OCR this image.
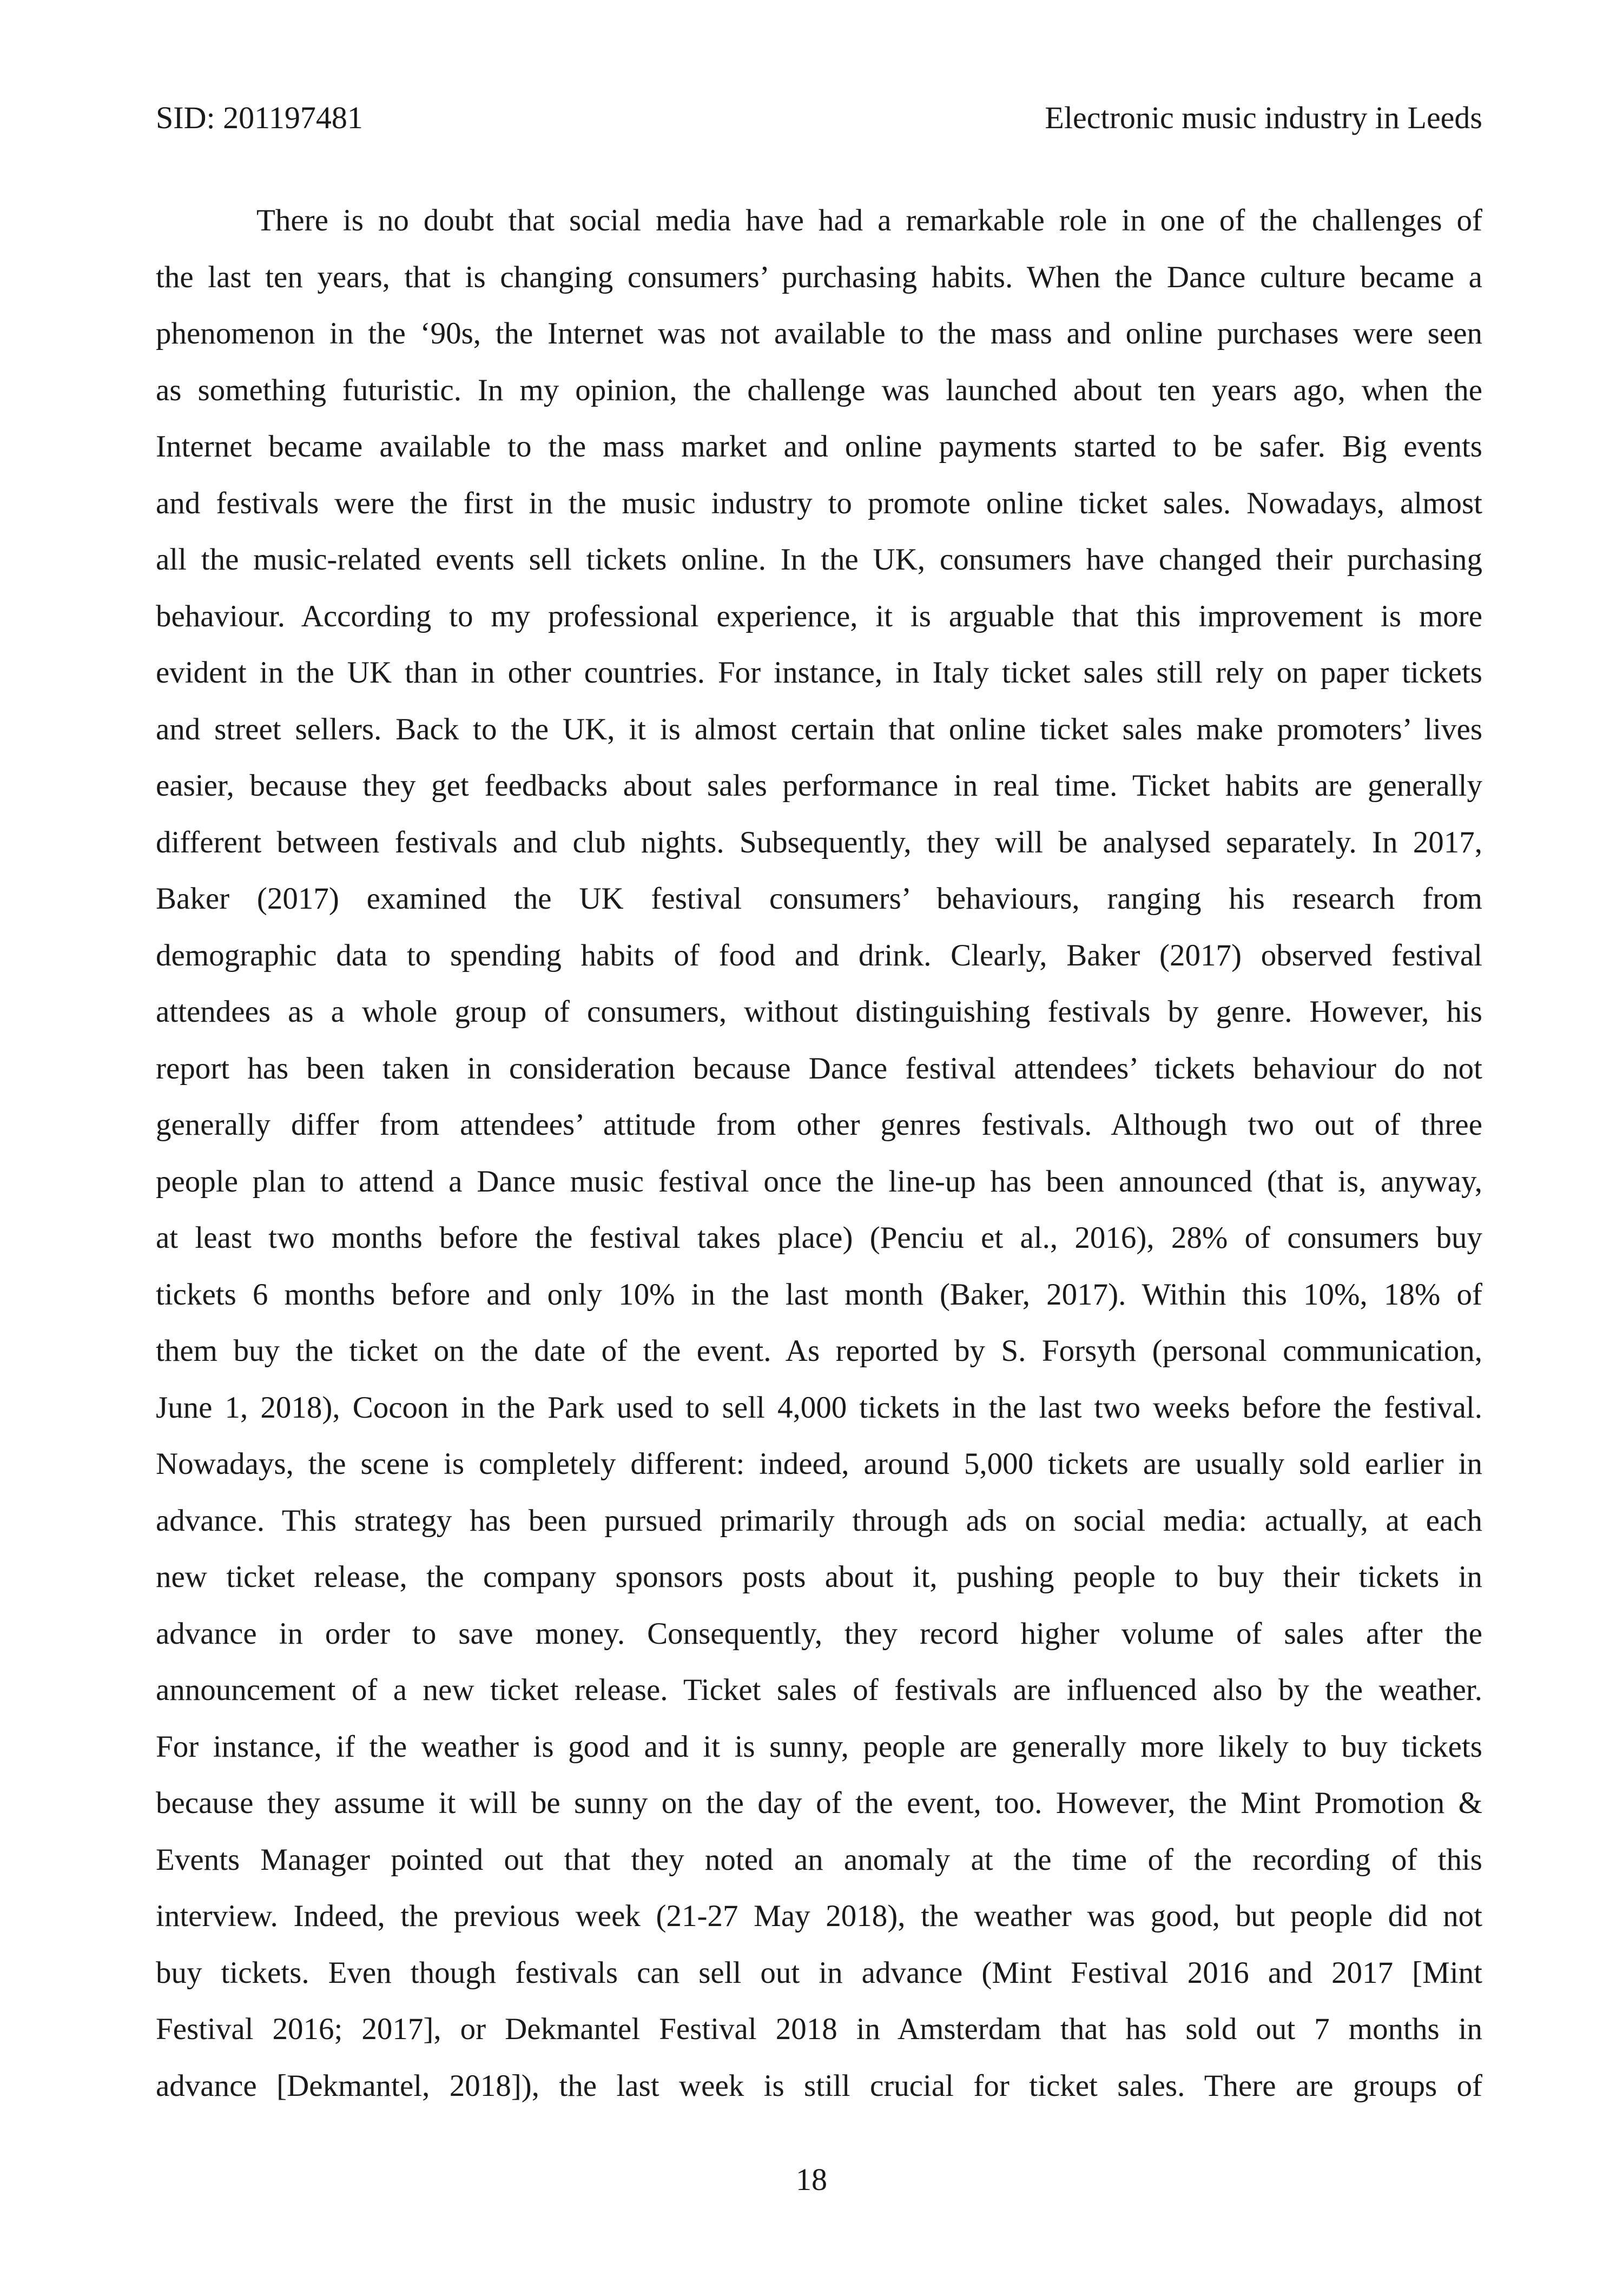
SID: 201197481	Electronic music industry in Leeds
There is no doubt that social media have had a remarkable role in one of the challenges of
the last ten years, that is changing consumers’ purchasing habits. When the Dance culture became a
phenomenon in the ‘90s, the Internet was not available to the mass and online purchases were seen
as something futuristic. In my opinion, the challenge was launched about ten years ago, when the
Internet became available to the mass market and online payments started to be safer. Big events
and festivals were the first in the music industry to promote online ticket sales. Nowadays, almost
all the music-related events sell tickets online. In the UK, consumers have changed their purchasing
behaviour. According to my professional experience, it is arguable that this improvement is more
evident in the UK than in other countries. For instance, in Italy ticket sales still rely on paper tickets
and street sellers. Back to the UK, it is almost certain that online ticket sales make promoters’ lives
easier, because they get feedbacks about sales performance in real time. Ticket habits are generally
different between festivals and club nights. Subsequently, they will be analysed separately. In 2017,
Baker (2017) examined the UK festival consumers’ behaviours, ranging his research from
demographic data to spending habits of food and drink. Clearly, Baker (2017) observed festival
attendees as a whole group of consumers, without distinguishing festivals by genre. However, his
report has been taken in consideration because Dance festival attendees’ tickets behaviour do not
generally differ from attendees’ attitude from other genres festivals. Although two out of three
people plan to attend a Dance music festival once the line-up has been announced (that is, anyway,
at least two months before the festival takes place) (Penciu et al., 2016), 28% of consumers buy
tickets 6 months before and only 10% in the last month (Baker, 2017). Within this 10%, 18% of
them buy the ticket on the date of the event. As reported by S. Forsyth (personal communication,
June 1, 2018), Cocoon in the Park used to sell 4,000 tickets in the last two weeks before the festival.
Nowadays, the scene is completely different: indeed, around 5,000 tickets are usually sold earlier in
advance. This strategy has been pursued primarily through ads on social media: actually, at each
new ticket release, the company sponsors posts about it, pushing people to buy their tickets in
advance in order to save money. Consequently, they record higher volume of sales after the
announcement of a new ticket release. Ticket sales of festivals are influenced also by the weather.
For instance, if the weather is good and it is sunny, people are generally more likely to buy tickets
because they assume it will be sunny on the day of the event, too. However, the Mint Promotion &
Events Manager pointed out that they noted an anomaly at the time of the recording of this
interview. Indeed, the previous week (21-27 May 2018), the weather was good, but people did not
buy tickets. Even though festivals can sell out in advance (Mint Festival 2016 and 2017 [Mint
Festival 2016; 2017], or Dekmantel Festival 2018 in Amsterdam that has sold out 7 months in
advance [Dekmantel, 2018]), the last week is still crucial for ticket sales. There are groups of
18
